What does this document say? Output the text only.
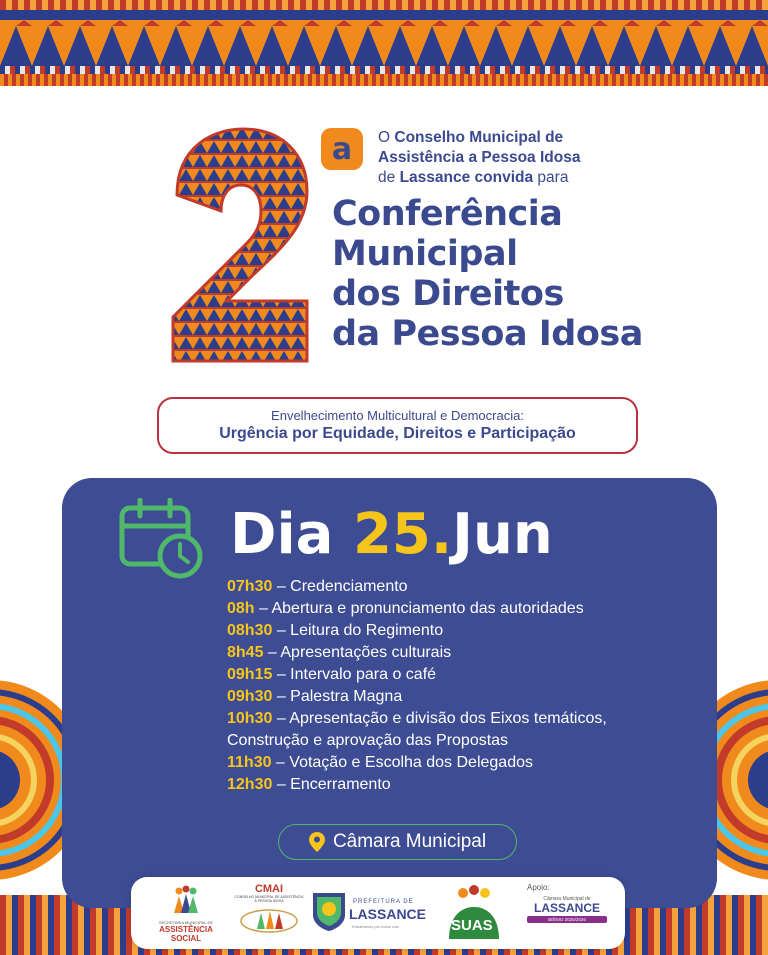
2
a	O Conselho Municipal de Assistência a Pessoa Idosa
de Lassance convida para
Conferência
Municipal
dos Direitos
da Pessoa Idosa
Envelhecimento Multicultural e Democracia:
Urgência por Equidade, Direitos e Participação
Dia 25.Jun
07h30 – Credenciamento
08h – Abertura e pronunciamento das autoridades
08h30 – Leitura do Regimento
8h45 – Apresentações culturais
09h15 – Intervalo para o café
09h30 – Palestra Magna
10h30 – Apresentação e divisão dos Eixos temáticos,
Construção e aprovação das Propostas
11h30 – Votação e Escolha dos Delegados
12h30 – Encerramento
Câmara Municipal
SECRETARIA MUNICIPAL DE
ASSISTÊNCIA SOCIAL
CMAI
CONSELHO MUNICIPAL DE ASSISTÊNCIA À PESSOA IDOSA	PREFEITURA DE
LASSANCE
Trabalhando por todos nós	SUAS
Apoio:
Câmara Municipal de
LASSANCE
BIÊNIO 2025/2026
